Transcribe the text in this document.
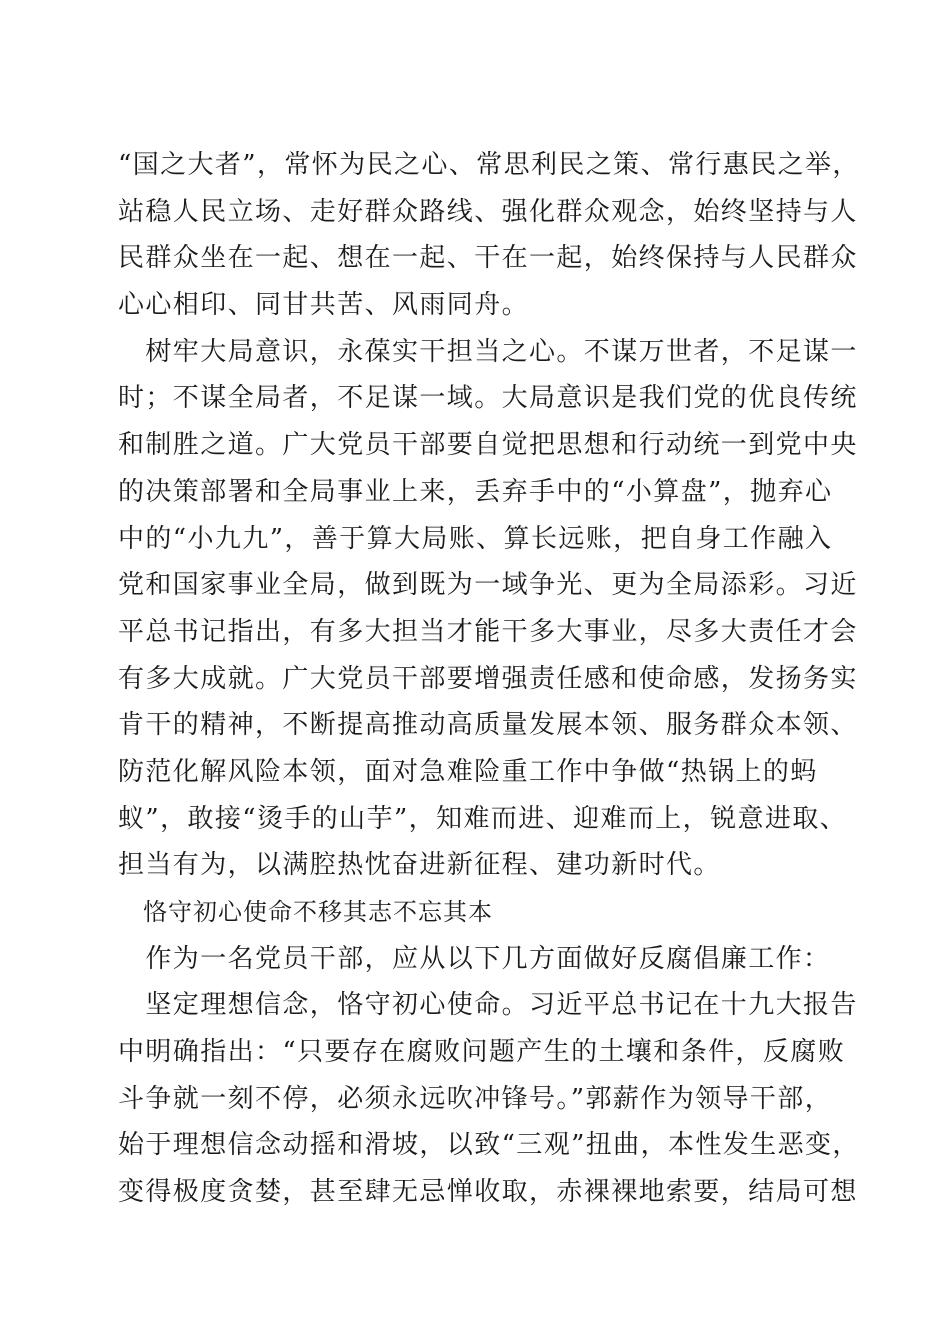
“国之大者”，常怀为民之心、常思利民之策、常行惠民之举，
站稳人民立场、走好群众路线、强化群众观念，始终坚持与人
民群众坐在一起、想在一起、干在一起，始终保持与人民群众
心心相印、同甘共苦、风雨同舟。
　树牢大局意识，永葆实干担当之心。不谋万世者，不足谋一
时；不谋全局者，不足谋一域。大局意识是我们党的优良传统
和制胜之道。广大党员干部要自觉把思想和行动统一到党中央
的决策部署和全局事业上来，丢弃手中的“小算盘”，抛弃心
中的“小九九”，善于算大局账、算长远账，把自身工作融入
党和国家事业全局，做到既为一域争光、更为全局添彩。习近
平总书记指出，有多大担当才能干多大事业，尽多大责任才会
有多大成就。广大党员干部要增强责任感和使命感，发扬务实
肯干的精神，不断提高推动高质量发展本领、服务群众本领、
防范化解风险本领，面对急难险重工作中争做“热锅上的蚂
蚁”，敢接“烫手的山芋”，知难而进、迎难而上，锐意进取、
担当有为，以满腔热忱奋进新征程、建功新时代。
　恪守初心使命不移其志不忘其本
　作为一名党员干部，应从以下几方面做好反腐倡廉工作：
　坚定理想信念，恪守初心使命。习近平总书记在十九大报告
中明确指出：“只要存在腐败问题产生的土壤和条件，反腐败
斗争就一刻不停，必须永远吹冲锋号。”郭薪作为领导干部，
始于理想信念动摇和滑坡，以致“三观”扭曲，本性发生恶变，
变得极度贪婪，甚至肆无忌惮收取，赤裸裸地索要，结局可想
